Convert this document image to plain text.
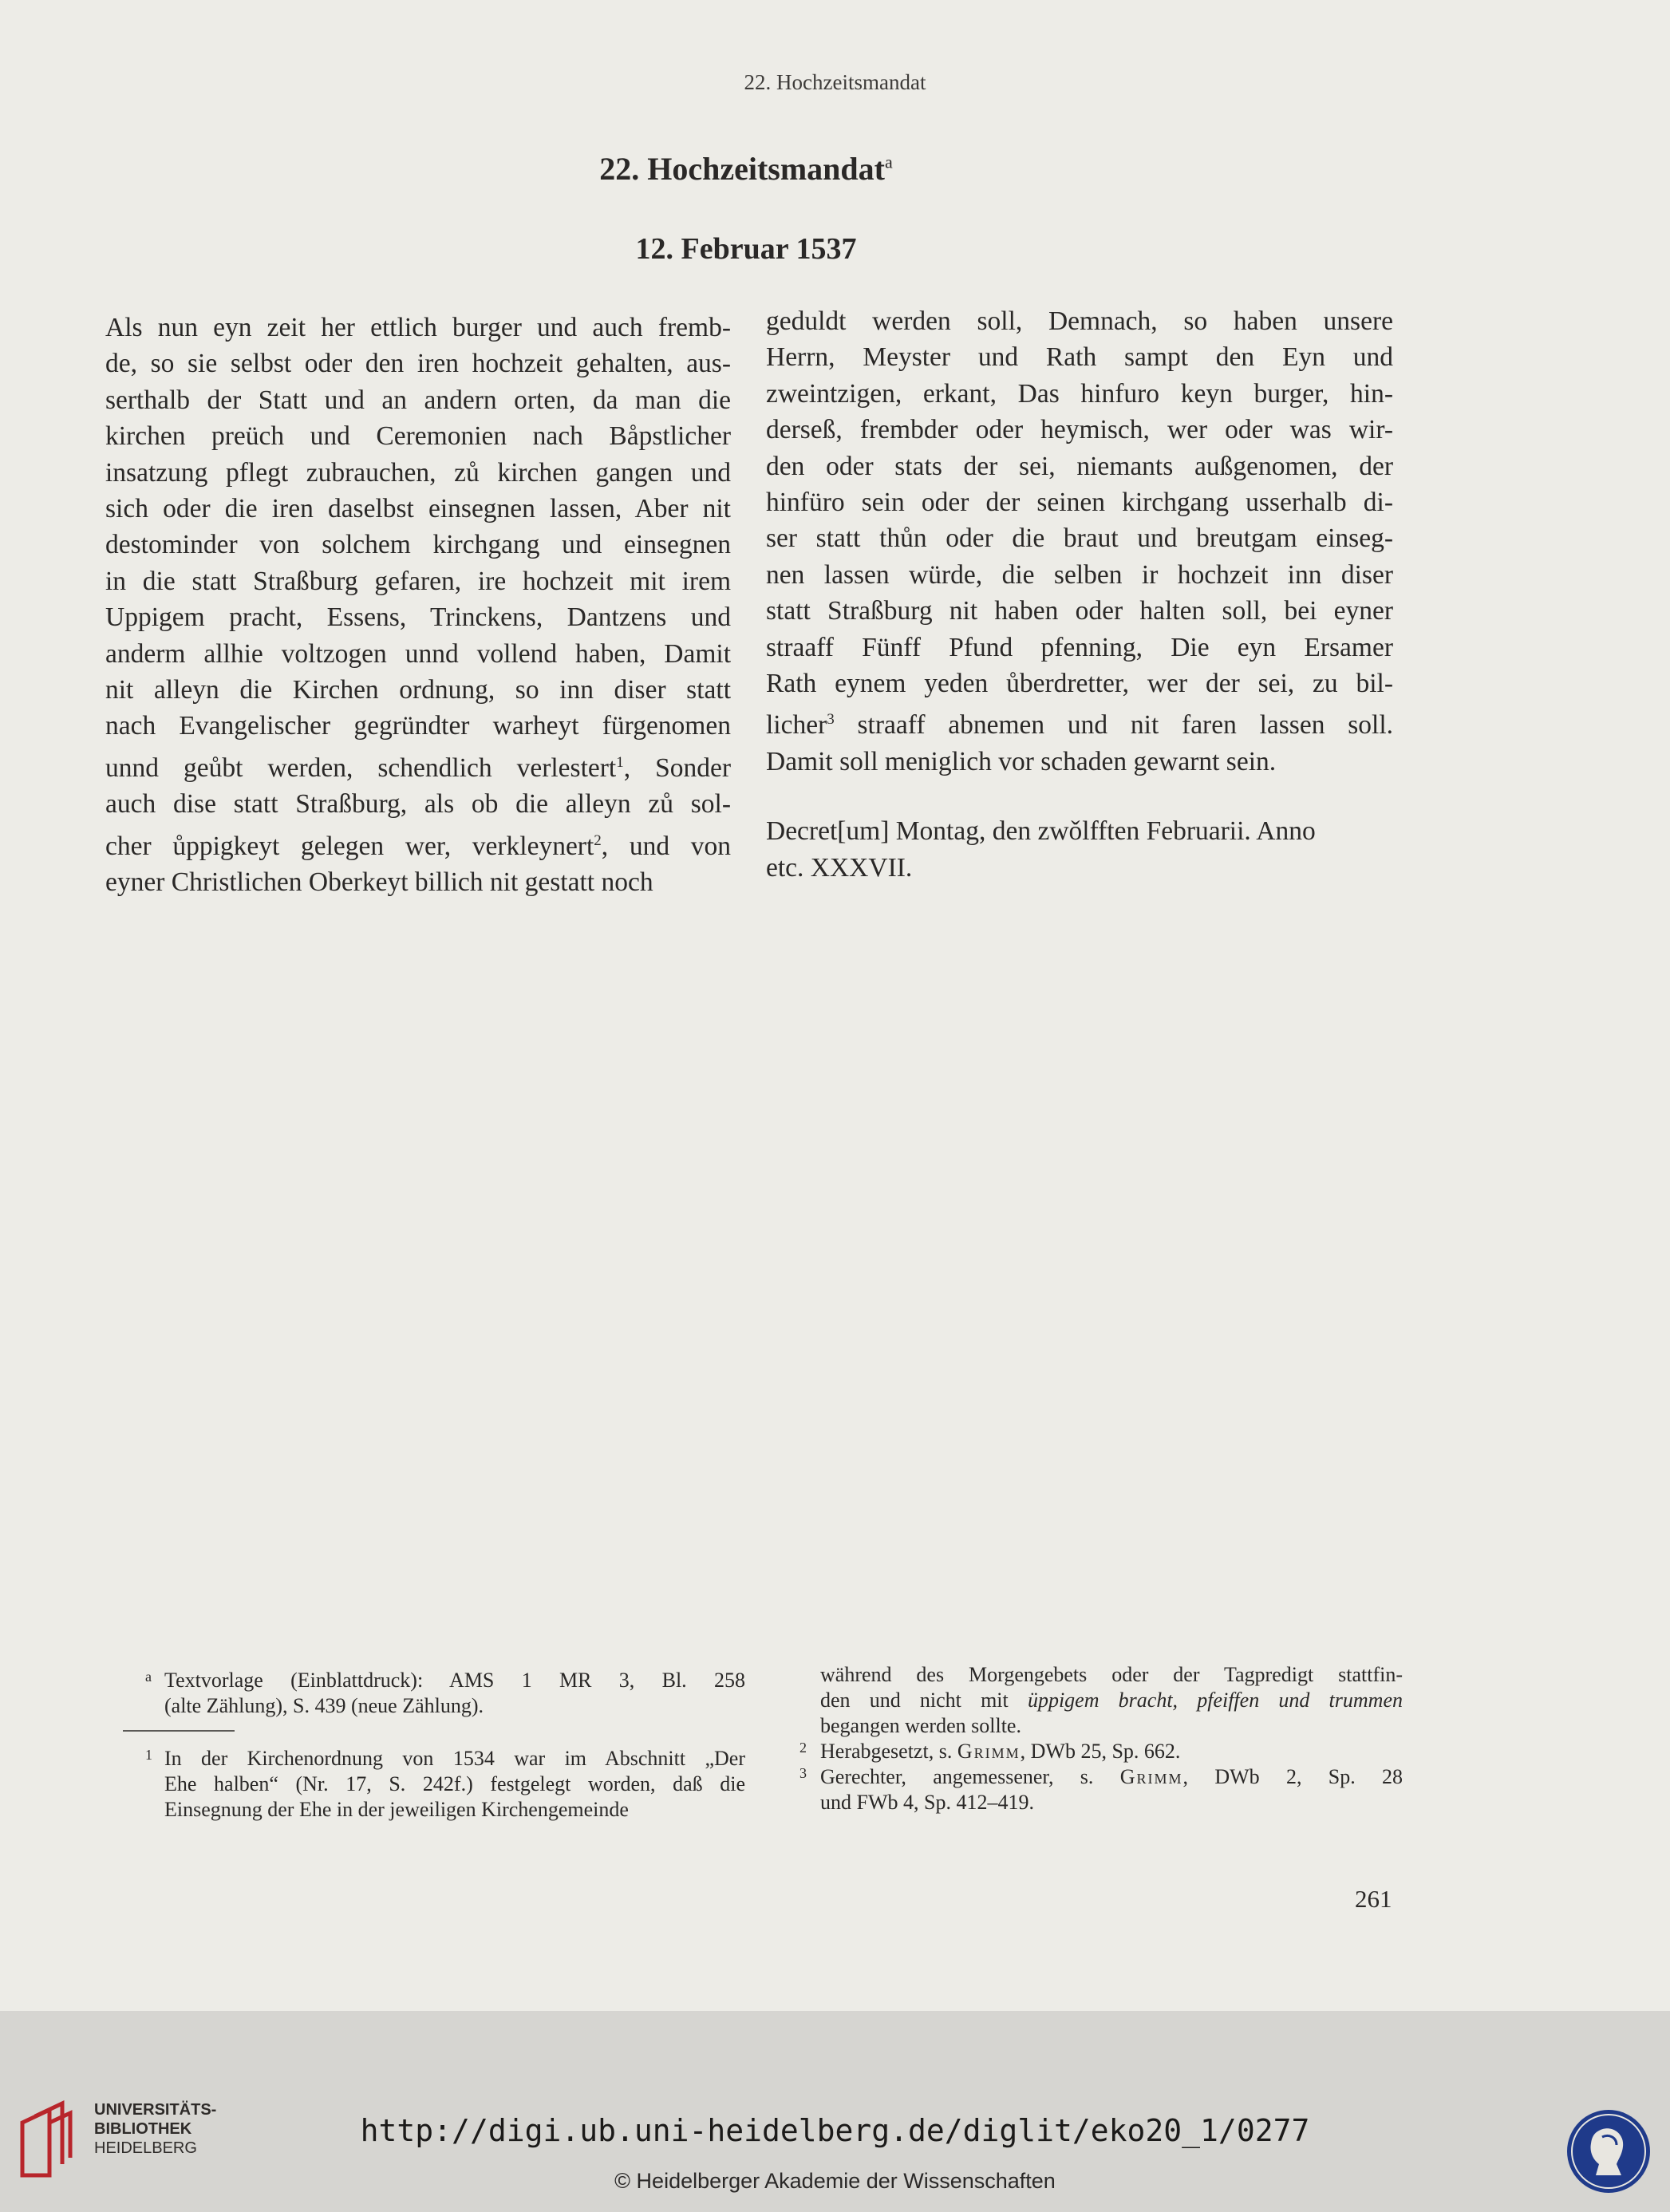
22. Hochzeitsmandat
22. Hochzeitsmandat$^a$
12. Februar 1537

Als nun eyn zeit her ettlich burger und auch fremb-
de, so sie selbst oder den iren hochzeit gehalten, aus-
serthalb der Statt und an andern orten, da man die
kirchen preüch und Ceremonien nach Båpstlicher
insatzung pflegt zubrauchen, zů kirchen gangen und
sich oder die iren daselbst einsegnen lassen, Aber nit
destominder von solchem kirchgang und einsegnen
in die statt Straßburg gefaren, ire hochzeit mit irem
Uppigem pracht, Essens, Trinckens, Dantzens und
anderm allhie voltzogen unnd vollend haben, Damit
nit alleyn die Kirchen ordnung, so inn diser statt
nach Evangelischer gegründter warheyt fürgenomen
unnd geůbt werden, schendlich verlestert$^1$, Sonder
auch dise statt Straßburg, als ob die alleyn zů sol-
cher ůppigkeyt gelegen wer, verkleynert$^2$, und von
eyner Christlichen Oberkeyt billich nit gestatt noch

geduldt werden soll, Demnach, so haben unsere
Herrn, Meyster und Rath sampt den Eyn und
zweintzigen, erkant, Das hinfuro keyn burger, hin-
derseß, frembder oder heymisch, wer oder was wir-
den oder stats der sei, niemants außgenomen, der
hinfüro sein oder der seinen kirchgang usserhalb di-
ser statt thůn oder die braut und breutgam einseg-
nen lassen würde, die selben ir hochzeit inn diser
statt Straßburg nit haben oder halten soll, bei eyner
straaff Fünff Pfund pfenning, Die eyn Ersamer
Rath eynem yeden ůberdretter, wer der sei, zu bil-
licher$^3$ straaff abnemen und nit faren lassen soll.
Damit soll meniglich vor schaden gewarnt sein.

Decret[um] Montag, den zwǒlfften Februarii. Anno
etc. XXXVII.

a Textvorlage (Einblattdruck): AMS 1 MR 3, Bl. 258
(alte Zählung), S. 439 (neue Zählung).
1 In der Kirchenordnung von 1534 war im Abschnitt „Der
Ehe halben“ (Nr. 17, S. 242f.) festgelegt worden, daß die
Einsegnung der Ehe in der jeweiligen Kirchengemeinde
während des Morgengebets oder der Tagpredigt stattfin-
den und nicht mit üppigem bracht, pfeiffen und trummen
begangen werden sollte.
2 Herabgesetzt, s. Grimm, DWb 25, Sp. 662.
3 Gerechter, angemessener, s. Grimm, DWb 2, Sp. 28
und FWb 4, Sp. 412–419.
261
UNIVERSITÄTS-
BIBLIOTHEK
HEIDELBERG	http://digi.ub.uni-heidelberg.de/diglit/eko20_1/0277
© Heidelberger Akademie der Wissenschaften
